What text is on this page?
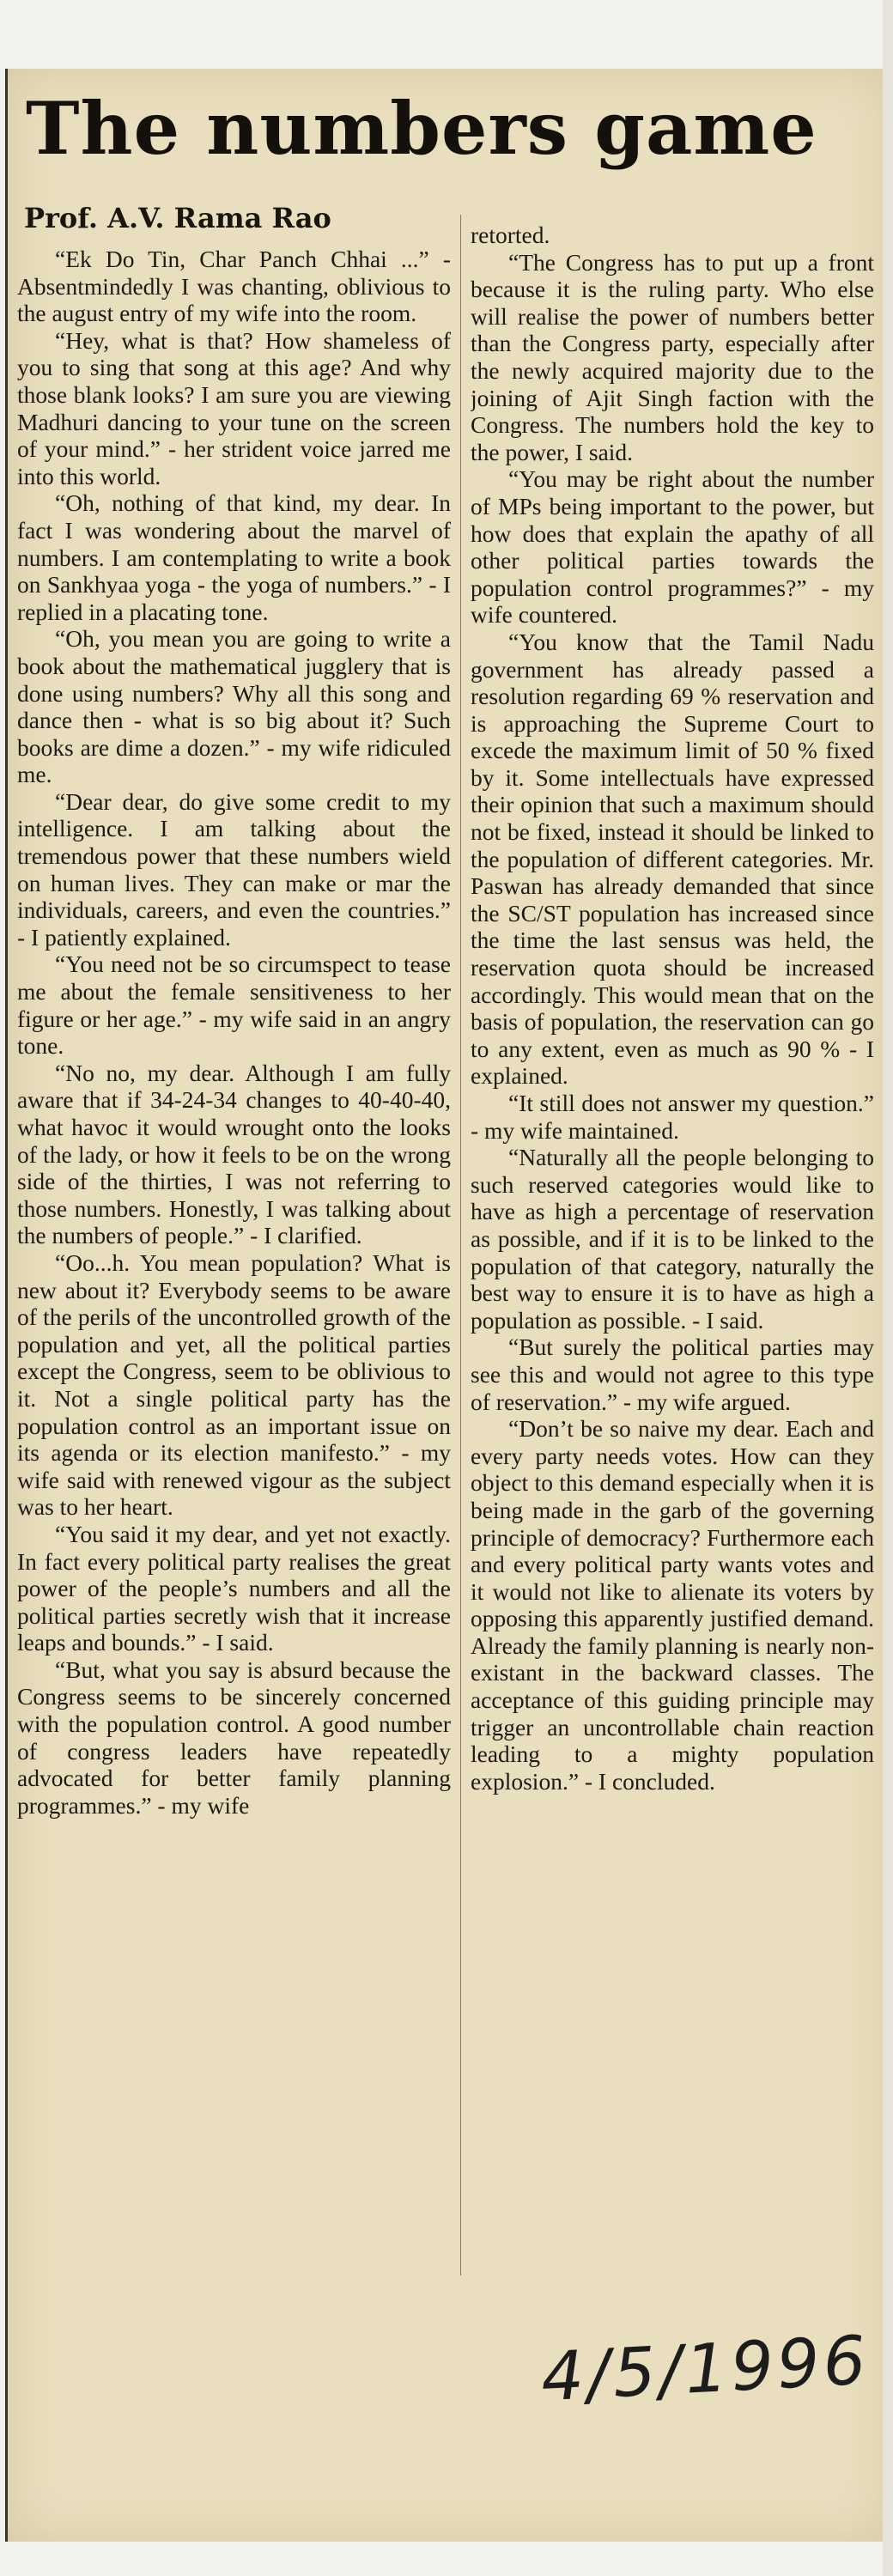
The numbers game
Prof. A.V. Rama Rao

“Ek Do Tin, Char Panch Chhai ...” - Absentmindedly I was chanting, oblivious to the august entry of my wife into the room.

“Hey, what is that? How shameless of you to sing that song at this age? And why those blank looks? I am sure you are viewing Madhuri dancing to your tune on the screen of your mind.” - her strident voice jarred me into this world.

“Oh, nothing of that kind, my dear. In fact I was wondering about the marvel of numbers. I am contemplating to write a book on Sankhyaa yoga - the yoga of numbers.” - I replied in a placating tone.

“Oh, you mean you are going to write a book about the mathematical jugglery that is done using numbers? Why all this song and dance then - what is so big about it? Such books are dime a dozen.” - my wife ridiculed me.

“Dear dear, do give some credit to my intelligence. I am talking about the tremendous power that these numbers wield on human lives. They can make or mar the individuals, careers, and even the countries.” - I patiently explained.

“You need not be so circumspect to tease me about the female sensitiveness to her figure or her age.” - my wife said in an angry tone.

“No no, my dear. Although I am fully aware that if 34-24-34 changes to 40-40-40, what havoc it would wrought onto the looks of the lady, or how it feels to be on the wrong side of the thirties, I was not referring to those numbers. Honestly, I was talking about the numbers of people.” - I clarified.

“Oo...h. You mean population? What is new about it? Everybody seems to be aware of the perils of the uncontrolled growth of the population and yet, all the political parties except the Congress, seem to be oblivious to it. Not a single political party has the population control as an important issue on its agenda or its election manifesto.” - my wife said with renewed vigour as the subject was to her heart.

“You said it my dear, and yet not exactly. In fact every political party realises the great power of the people’s numbers and all the political parties secretly wish that it increase leaps and bounds.” - I said.

“But, what you say is absurd because the Congress seems to be sincerely concerned with the population control. A good number of congress leaders have repeatedly advocated for better family planning programmes.” - my wife

retorted.

“The Congress has to put up a front because it is the ruling party. Who else will realise the power of numbers better than the Congress party, especially after the newly acquired majority due to the joining of Ajit Singh faction with the Congress. The numbers hold the key to the power, I said.

“You may be right about the number of MPs being important to the power, but how does that explain the apathy of all other political parties towards the population control programmes?” - my wife countered.

“You know that the Tamil Nadu government has already passed a resolution regarding 69 % reservation and is approaching the Supreme Court to excede the maximum limit of 50 % fixed by it. Some intellectuals have expressed their opinion that such a maximum should not be fixed, instead it should be linked to the population of different categories. Mr. Paswan has already demanded that since the SC/ST population has increased since the time the last sensus was held, the reservation quota should be increased accordingly. This would mean that on the basis of population, the reservation can go to any extent, even as much as 90 % - I explained.

“It still does not answer my question.” - my wife maintained.

“Naturally all the people belonging to such reserved categories would like to have as high a percentage of reservation as possible, and if it is to be linked to the population of that category, naturally the best way to ensure it is to have as high a population as possible. - I said.

“But surely the political parties may see this and would not agree to this type of reservation.” - my wife argued.

“Don’t be so naive my dear. Each and every party needs votes. How can they object to this demand especially when it is being made in the garb of the governing principle of democracy? Furthermore each and every political party wants votes and it would not like to alienate its voters by opposing this apparently justified demand. Already the family planning is nearly non-existant in the backward classes. The acceptance of this guiding principle may trigger an uncontrollable chain reaction leading to a mighty population explosion.” - I concluded.

4/5/1996
